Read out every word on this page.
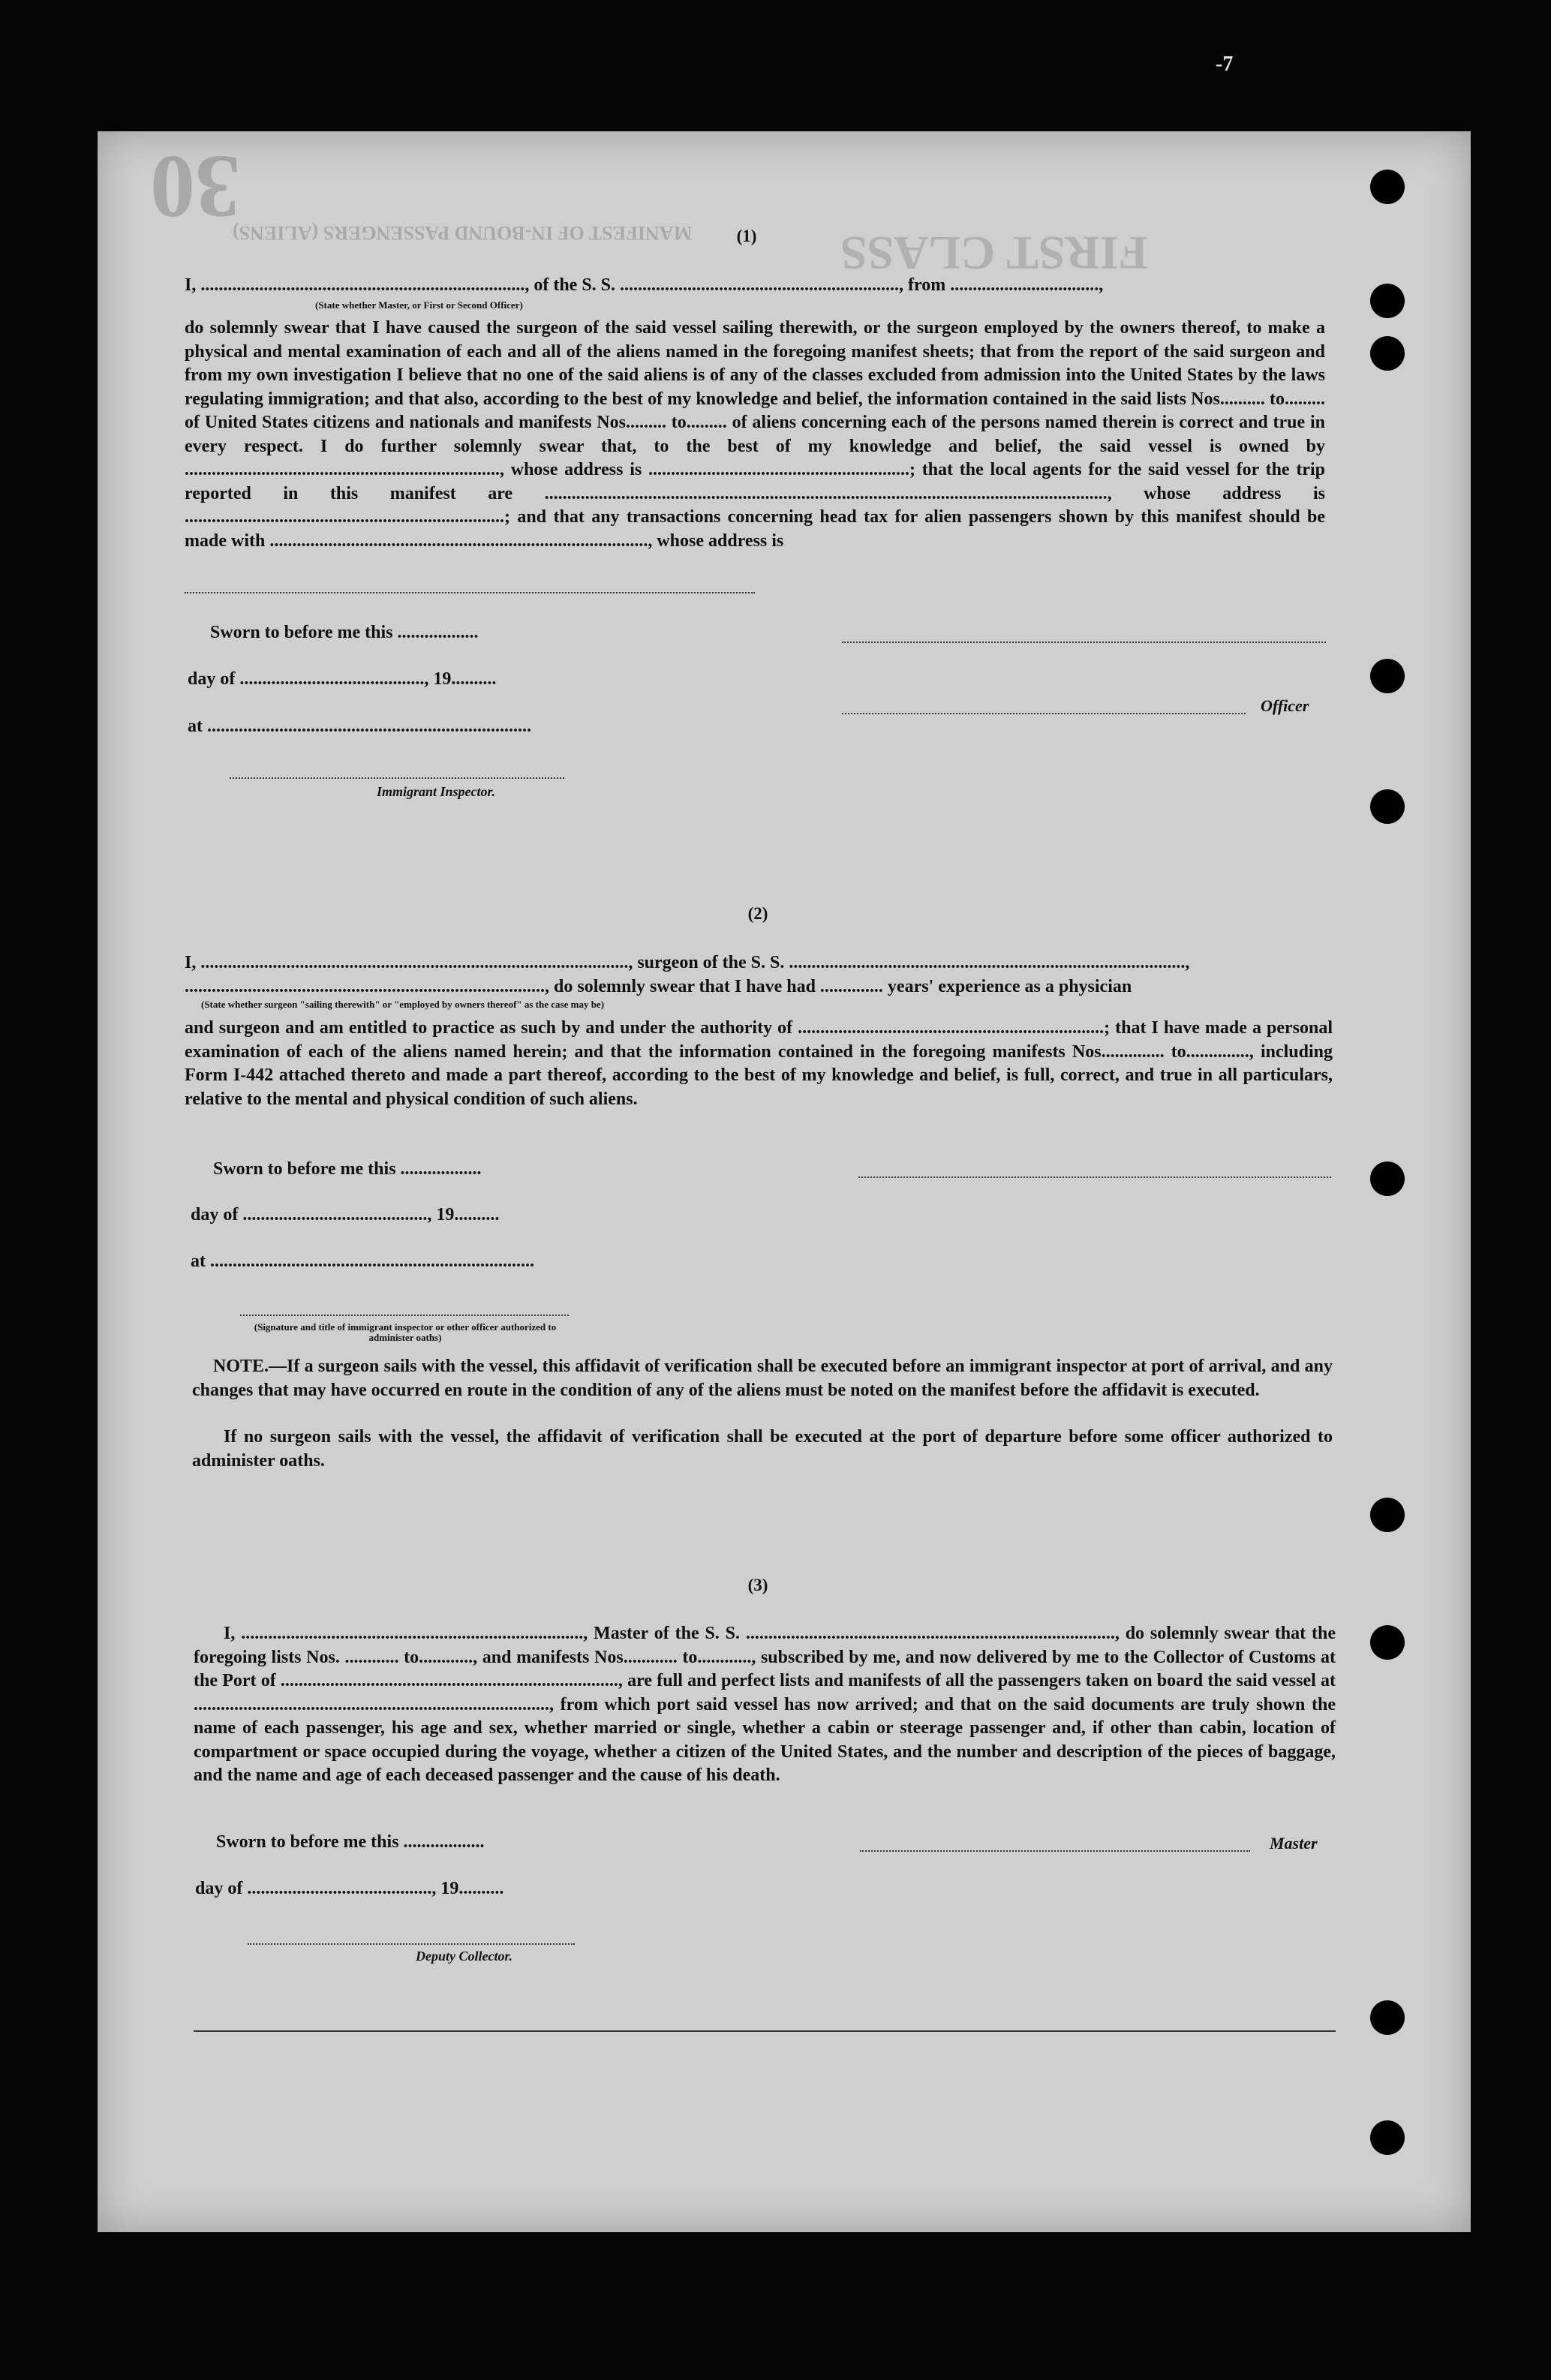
-7
30
MANIFEST OF IN-BOUND PASSENGERS (ALIENS)	FIRST CLASS
(1)
I, ........................................................................, of the S. S. .............................................................., from .................................,
(State whether Master, or First or Second Officer)
do solemnly swear that I have caused the surgeon of the said vessel sailing therewith, or the surgeon employed by the owners thereof, to make a physical and mental examination of each and all of the aliens named in the foregoing manifest sheets; that from the report of the said surgeon and from my own investigation I believe that no one of the said aliens is of any of the classes excluded from admission into the United States by the laws regulating immigration; and that also, according to the best of my knowledge and belief, the information contained in the said lists Nos.......... to......... of United States citizens and nationals and manifests Nos......... to......... of aliens concerning each of the persons named therein is correct and true in every respect. I do further solemnly swear that, to the best of my knowledge and belief, the said vessel is owned by ......................................................................, whose address is ..........................................................; that the local agents for the said vessel for the trip reported in this manifest are ............................................................................................................................., whose address is .......................................................................; and that any transactions concerning head tax for alien passengers shown by this manifest should be made with ...................................................................................., whose address is
Sworn to before me this ..................
day of ........................................., 19..........
Officer
at ........................................................................
Immigrant Inspector.
(2)
I, ..............................................................................................., surgeon of the S. S. ........................................................................................,
................................................................................, do solemnly swear that I have had .............. years' experience as a physician
(State whether surgeon "sailing therewith" or "employed by owners thereof" as the case may be)
and surgeon and am entitled to practice as such by and under the authority of ....................................................................; that I have made a personal examination of each of the aliens named herein; and that the information contained in the foregoing manifests Nos.............. to.............., including Form I-442 attached thereto and made a part thereof, according to the best of my knowledge and belief, is full, correct, and true in all particulars, relative to the mental and physical condition of such aliens.
Sworn to before me this ..................
day of ........................................., 19..........
at ........................................................................
(Signature and title of immigrant inspector or other officer authorized to administer oaths)
NOTE.—If a surgeon sails with the vessel, this affidavit of verification shall be executed before an immigrant inspector at port of arrival, and any changes that may have occurred en route in the condition of any of the aliens must be noted on the manifest before the affidavit is executed.
If no surgeon sails with the vessel, the affidavit of verification shall be executed at the port of departure before some officer authorized to administer oaths.
(3)
I, ............................................................................, Master of the S. S. .................................................................................., do solemnly swear that the foregoing lists Nos. ............ to............, and manifests Nos............ to............, subscribed by me, and now delivered by me to the Collector of Customs at the Port of ..........................................................................., are full and perfect lists and manifests of all the passengers taken on board the said vessel at ..............................................................................., from which port said vessel has now arrived; and that on the said documents are truly shown the name of each passenger, his age and sex, whether married or single, whether a cabin or steerage passenger and, if other than cabin, location of compartment or space occupied during the voyage, whether a citizen of the United States, and the number and description of the pieces of baggage, and the name and age of each deceased passenger and the cause of his death.
Sworn to before me this ..................	Master
day of ........................................., 19..........
Deputy Collector.
